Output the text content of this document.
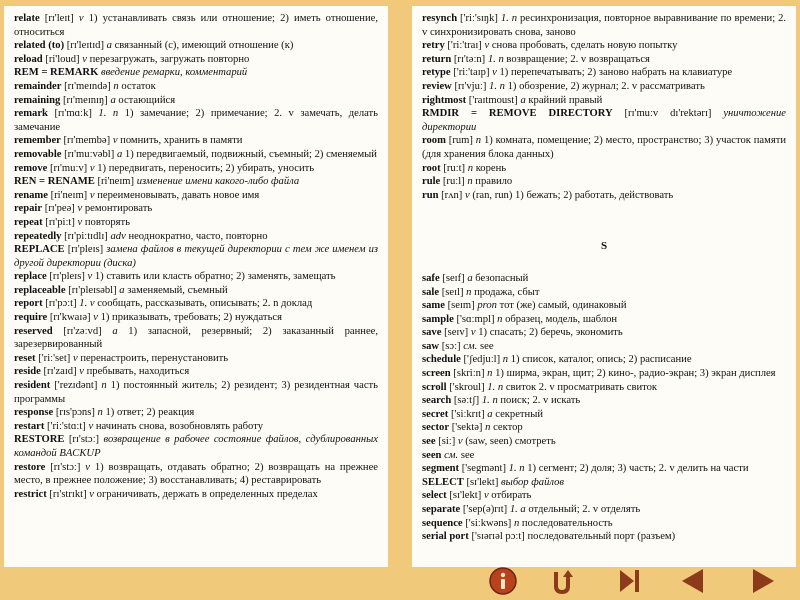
relate [rɪ'leɪt] v 1) устанавливать связь или отношение; 2) иметь отношение, относиться

related (to) [rɪ'leɪtɪd] a связанный (с), имеющий отношение (к)

reload [ri'loud] v перезагружать, загружать повторно

REM = REMARK введение ремарки, комментарий

remainder [rɪ'meɪndə] n остаток

remaining [rɪ'meɪnɪŋ] a остающийся

remark [rɪ'mɑːk] 1. n 1) замечание; 2) примечание; 2. v замечать, делать замечание

remember [rɪ'membə] v помнить, хранить в памяти

removable [rɪ'muːvəbl] a 1) передвигаемый, подвижный, съемный; 2) сменяемый

remove [rɪ'muːv] v 1) передвигать, переносить; 2) убирать, уносить

REN = RENAME [ri'neɪm] изменение имени какого-либо файла

rename [ri'neɪm] v переименовывать, давать новое имя

repair [rɪ'peə] v ремонтировать

repeat [rɪ'piːt] v повторять

repeatedly [rɪ'piːtɪdlɪ] adv неоднократно, часто, повторно

REPLACE [rɪ'pleɪs] замена файлов в текущей директории с тем же именем из другой директории (диска)

replace [rɪ'pleɪs] v 1) ставить или класть обратно; 2) заменять, замещать

replaceable [rɪ'pleɪsəbl] a заменяемый, съемный

report [rɪ'pɔːt] 1. v сообщать, рассказывать, описывать; 2. n доклад

require [rɪ'kwaɪə] v 1) приказывать, требовать; 2) нуждаться

reserved [rɪ'zəːvd] a 1) запасной, резервный; 2) заказанный раннее, зарезервированный

reset ['riː'set] v перенастроить, перенустановить

reside [rɪ'zaɪd] v пребывать, находиться

resident ['rezɪdənt] n 1) постоянный житель; 2) резидент; 3) резидентная часть программы

response [rɪs'pɔns] n 1) ответ; 2) реакция

restart ['riː'stɑːt] v начинать снова, возобновлять работу

RESTORE [rɪ'stɔː] возвращение в рабочее состояние файлов, сдублированных командой BACKUP

restore [rɪ'stɔː] v 1) возвращать, отдавать обратно; 2) возвращать на прежнее место, в прежнее положение; 3) восстанавливать; 4) реставрировать

restrict [rɪ'strɪkt] v ограничивать, держать в определенных пределах

resynch ['riː'sɪŋk] 1. n ресинхронизация, повторное выравнивание по времени; 2. v синхронизировать снова, заново

retry ['riː'traɪ] v снова пробовать, сделать новую попытку

return [rɪ'təːn] 1. n возвращение; 2. v возвращаться

retype ['riː'taɪp] v 1) перепечатывать; 2) заново набрать на клавиатуре

review [rɪ'vjuː] 1. n 1) обозрение, 2) журнал; 2. v рассматривать

rightmost ['raɪtmoust] a крайний правый

RMDIR = REMOVE DIRECTORY [rɪ'muːv dɪ'rektərɪ] уничтожение директории

room [rum] n 1) комната, помещение; 2) место, пространство; 3) участок памяти (для хранения блока данных)

root [ruːt] n корень

rule [ruːl] n правило

run [rʌn] v (ran, run) 1) бежать; 2) работать, действовать

S

safe [seɪf] a безопасный

sale [seɪl] n продажа, сбыт

same [seɪm] pron тот (же) самый, одинаковый

sample ['sɑːmpl] n образец, модель, шаблон

save [seɪv] v 1) спасать; 2) беречь, экономить

saw [sɔː] см. see

schedule ['ʃedjuːl] n 1) список, каталог, опись; 2) расписание

screen [skriːn] n 1) ширма, экран, щит; 2) кино-, радио-экран; 3) экран дисплея

scroll ['skroul] 1. n свиток 2. v просматривать свиток

search [səːtʃ] 1. n поиск; 2. v искать

secret ['siːkrɪt] a секретный

sector ['sektə] n сектор

see [siː] v (saw, seen) смотреть

seen см. see

segment ['segmənt] 1. n 1) сегмент; 2) доля; 3) часть; 2. v делить на части

SELECT [sɪ'lekt] выбор файлов

select [sɪ'lekt] v отбирать

separate ['sep(ə)rɪt] 1. a отдельный; 2. v отделять

sequence ['siːkwəns] n последовательность

serial port ['sɪərɪəl pɔːt] последовательный порт (разъем)
